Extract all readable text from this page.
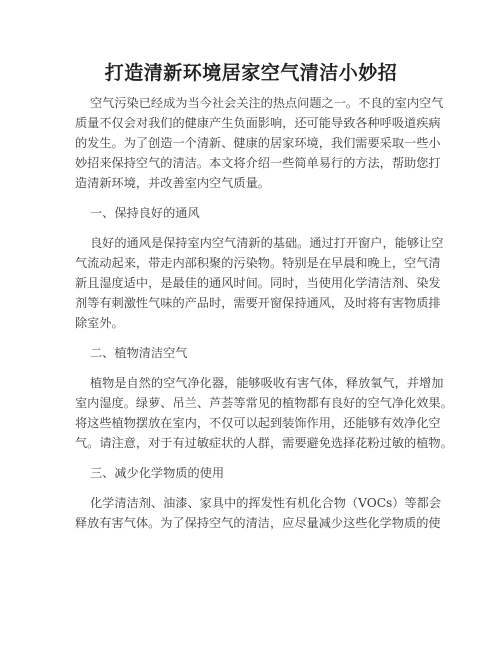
打造清新环境居家空气清洁小妙招
空气污染已经成为当今社会关注的热点问题之一。不良的室内空气
质量不仅会对我们的健康产生负面影响，还可能导致各种呼吸道疾病
的发生。为了创造一个清新、健康的居家环境，我们需要采取一些小
妙招来保持空气的清洁。本文将介绍一些简单易行的方法，帮助您打
造清新环境，并改善室内空气质量。
一、保持良好的通风
良好的通风是保持室内空气清新的基础。通过打开窗户，能够让空
气流动起来，带走内部积聚的污染物。特别是在早晨和晚上，空气清
新且湿度适中，是最佳的通风时间。同时，当使用化学清洁剂、染发
剂等有刺激性气味的产品时，需要开窗保持通风，及时将有害物质排
除室外。
二、植物清洁空气
植物是自然的空气净化器，能够吸收有害气体，释放氧气，并增加
室内湿度。绿萝、吊兰、芦荟等常见的植物都有良好的空气净化效果。
将这些植物摆放在室内，不仅可以起到装饰作用，还能够有效净化空
气。请注意，对于有过敏症状的人群，需要避免选择花粉过敏的植物。
三、减少化学物质的使用
化学清洁剂、油漆、家具中的挥发性有机化合物（VOCs）等都会
释放有害气体。为了保持空气的清洁，应尽量减少这些化学物质的使
